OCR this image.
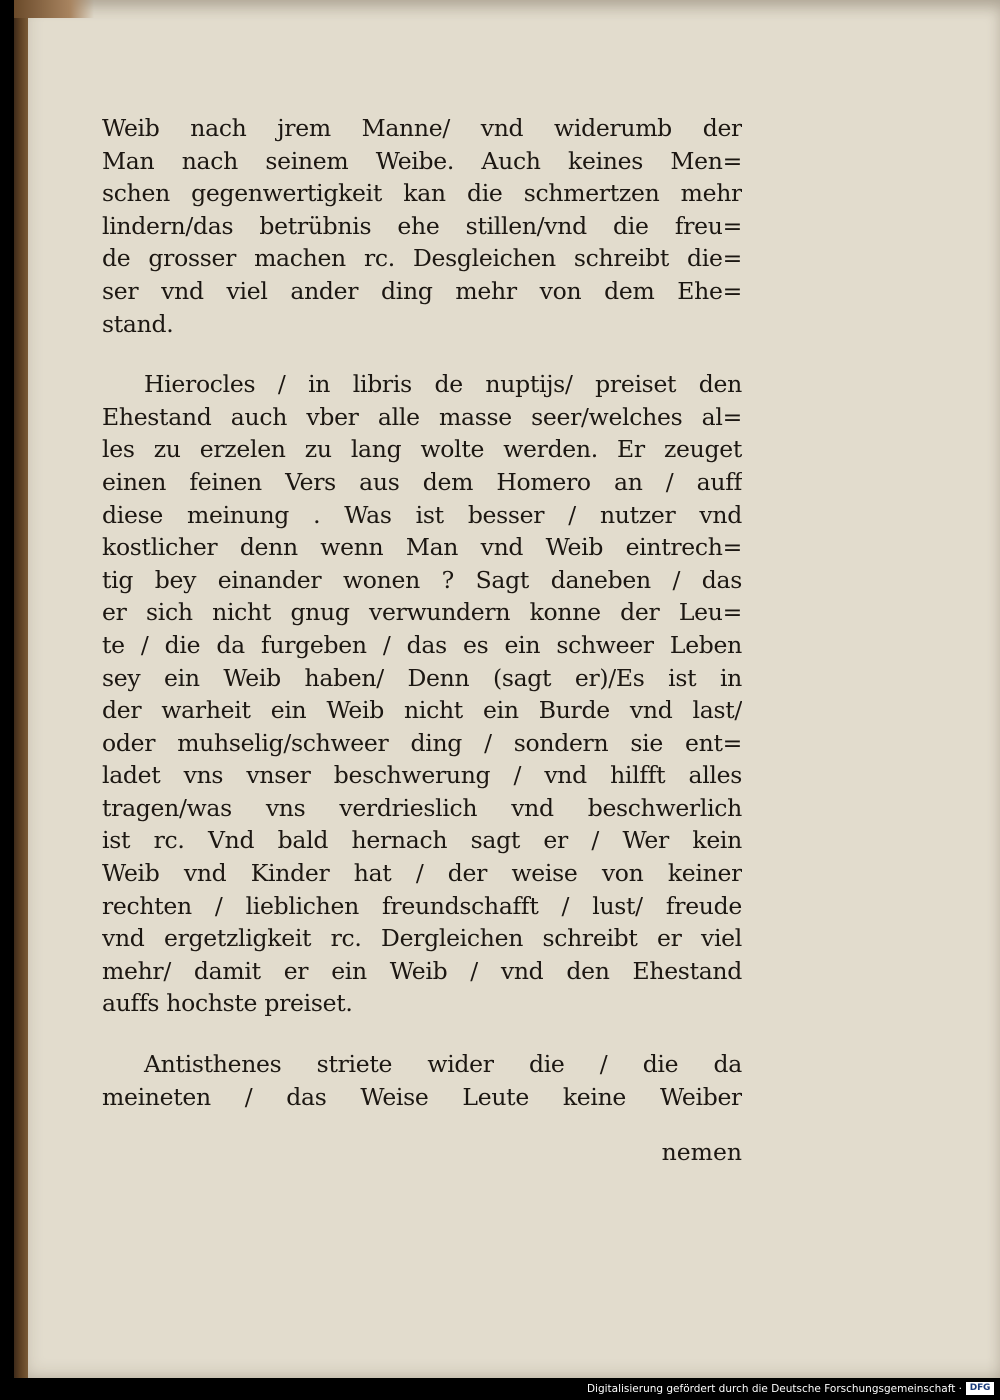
Weib nach jrem Manne/ vnd widerumb der
Man nach seinem Weibe. Auch keines Men=
schen gegenwertigkeit kan die schmertzen mehr
lindern/das betrübnis ehe stillen/vnd die freu=
de grosser machen rc. Desgleichen schreibt die=
ser vnd viel ander ding mehr von dem Ehe=
stand.
Hierocles / in libris de nuptijs/ preiset den
Ehestand auch vber alle masse seer/welches al=
les zu erzelen zu lang wolte werden. Er zeuget
einen feinen Vers aus dem Homero an / auff
diese meinung . Was ist besser / nutzer vnd
kostlicher denn wenn Man vnd Weib eintrech=
tig bey einander wonen ? Sagt daneben / das
er sich nicht gnug verwundern konne der Leu=
te / die da furgeben / das es ein schweer Leben
sey ein Weib haben/ Denn (sagt er)/Es ist in
der warheit ein Weib nicht ein Burde vnd last/
oder muhselig/schweer ding / sondern sie ent=
ladet vns vnser beschwerung / vnd hilfft alles
tragen/was vns verdrieslich vnd beschwerlich
ist rc. Vnd bald hernach sagt er / Wer kein
Weib vnd Kinder hat / der weise von keiner
rechten / lieblichen freundschafft / lust/ freude
vnd ergetzligkeit rc. Dergleichen schreibt er viel
mehr/ damit er ein Weib / vnd den Ehestand
auffs hochste preiset.
Antisthenes striete wider die / die da
meineten / das Weise Leute keine Weiber
nemen
Digitalisierung gefördert durch die Deutsche Forschungsgemeinschaft · DFG
